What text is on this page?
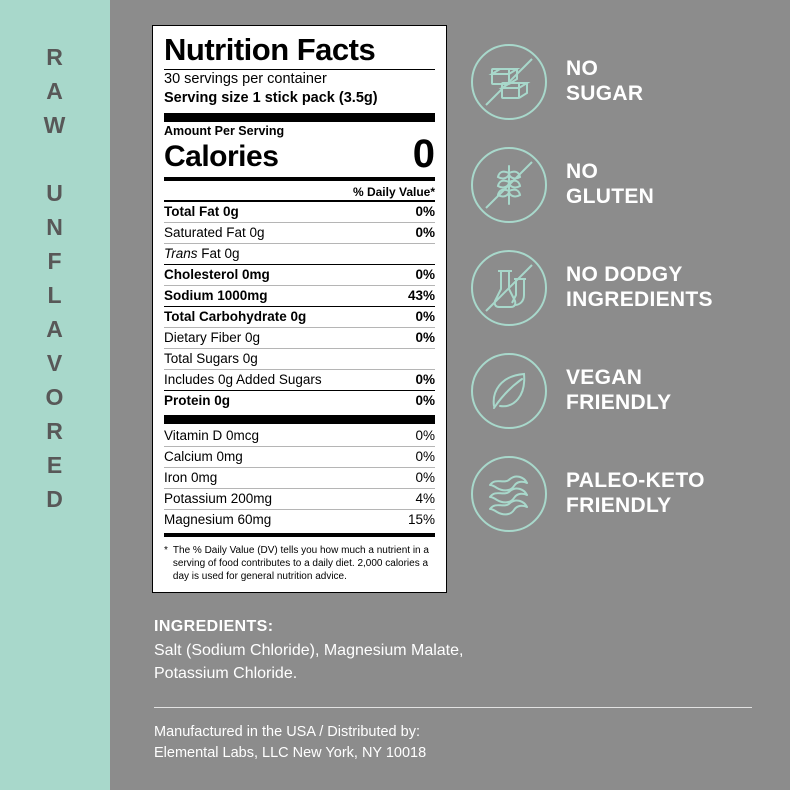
R
A
W

U
N
F
L
A
V
O
R
E
D
Nutrition Facts
30 servings per container
Serving size 1 stick pack (3.5g)
Amount Per Serving
Calories	0
% Daily Value*
Total Fat 0g	0%
Saturated Fat 0g	0%
Trans Fat 0g	
Cholesterol 0mg	0%
Sodium 1000mg	43%
Total Carbohydrate 0g	0%
Dietary Fiber 0g	0%
Total Sugars 0g	
Includes 0g Added Sugars	0%
Protein 0g	0%
Vitamin D 0mcg	0%
Calcium 0mg	0%
Iron 0mg	0%
Potassium 200mg	4%
Magnesium 60mg	15%
* The % Daily Value (DV) tells you how much a nutrient in a serving of food contributes to a daily diet. 2,000 calories a day is used for general nutrition advice.
NO
SUGAR
NO
GLUTEN
NO DODGY
INGREDIENTS
VEGAN
FRIENDLY
PALEO-KETO
FRIENDLY
INGREDIENTS:
Salt (Sodium Chloride), Magnesium Malate,
Potassium Chloride.
Manufactured in the USA / Distributed by:
Elemental Labs, LLC New York, NY 10018
